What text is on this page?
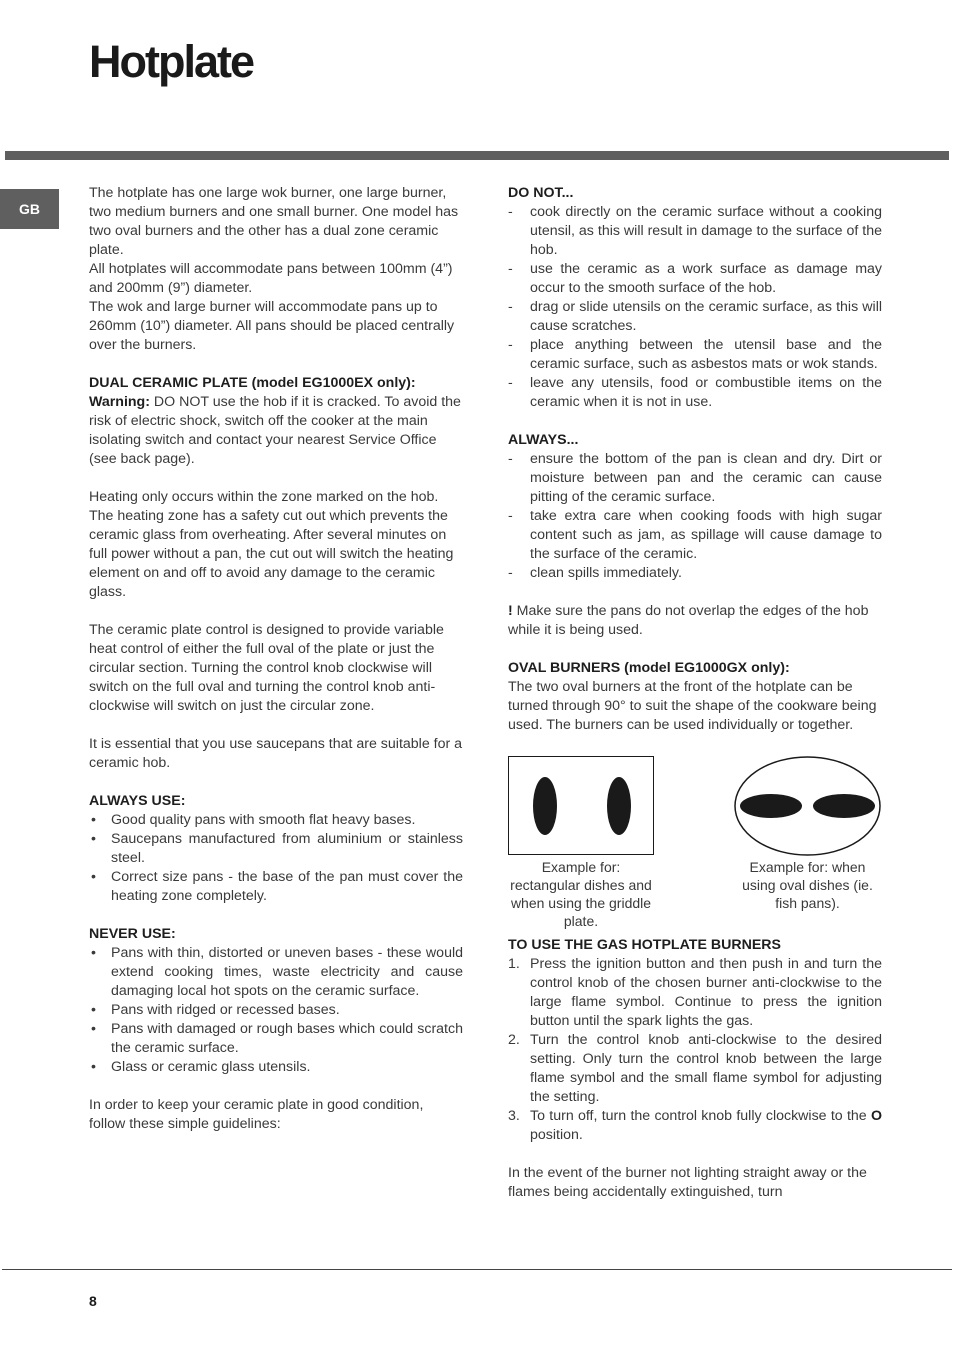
Hotplate
GB

The hotplate has one large wok burner, one large burner, two medium burners and one small burner. One model has two oval burners and the other has a dual zone ceramic plate.

All hotplates will accommodate pans between 100mm (4”) and 200mm (9”) diameter.

The wok and large burner will accommodate pans up to 260mm (10”) diameter. All pans should be placed centrally over the burners.

DUAL CERAMIC PLATE (model EG1000EX only):

Warning: DO NOT use the hob if it is cracked. To avoid the risk of electric shock, switch off the cooker at the main isolating switch and contact your nearest Service Office (see back page).

Heating only occurs within the zone marked on the hob. The heating zone has a safety cut out which prevents the ceramic glass from overheating. After several minutes on full power without a pan, the cut out will switch the heating element on and off to avoid any damage to the ceramic glass.

The ceramic plate control is designed to provide variable heat control of either the full oval of the plate or just the circular section. Turning the control knob clockwise will switch on the full oval and turning the control knob anti-clockwise will switch on just the circular zone.

It is essential that you use saucepans that are suitable for a ceramic hob.

ALWAYS USE:

• Good quality pans with smooth flat heavy bases.
• Saucepans manufactured from aluminium or stainless steel.
• Correct size pans - the base of the pan must cover the heating zone completely.

NEVER USE:

• Pans with thin, distorted or uneven bases - these would extend cooking times, waste electricity and cause damaging local hot spots on the ceramic surface.
• Pans with ridged or recessed bases.
• Pans with damaged or rough bases which could scratch the ceramic surface.
• Glass or ceramic glass utensils.

In order to keep your ceramic plate in good condition, follow these simple guidelines:

DO NOT...

- cook directly on the ceramic surface without a cooking utensil, as this will result in damage to the surface of the hob.
- use the ceramic as a work surface as damage may occur to the smooth surface of the hob.
- drag or slide utensils on the ceramic surface, as this will cause scratches.
- place anything between the utensil base and the ceramic surface, such as asbestos mats or wok stands.
- leave any utensils, food or combustible items on the ceramic when it is not in use.

ALWAYS...

- ensure the bottom of the pan is clean and dry. Dirt or moisture between pan and the ceramic can cause pitting of the ceramic surface.
- take extra care when cooking foods with high sugar content such as jam, as spillage will cause damage to the surface of the ceramic.
- clean spills immediately.

! Make sure the pans do not overlap the edges of the hob while it is being used.

OVAL BURNERS (model EG1000GX only):

The two oval burners at the front of the hotplate can be turned through 90° to suit the shape of the cookware being used. The burners can be used individually or together.

Example for: rectangular dishes and when using the griddle plate.
Example for: when using oval dishes (ie. fish pans).

TO USE THE GAS HOTPLATE BURNERS

1. Press the ignition button and then push in and turn the control knob of the chosen burner anti-clockwise to the large flame symbol. Continue to press the ignition button until the spark lights the gas.
2. Turn the control knob anti-clockwise to the desired setting. Only turn the control knob between the large flame symbol and the small flame symbol for adjusting the setting.
3. To turn off, turn the control knob fully clockwise to the O position.

In the event of the burner not lighting straight away or the flames being accidentally extinguished, turn

8
